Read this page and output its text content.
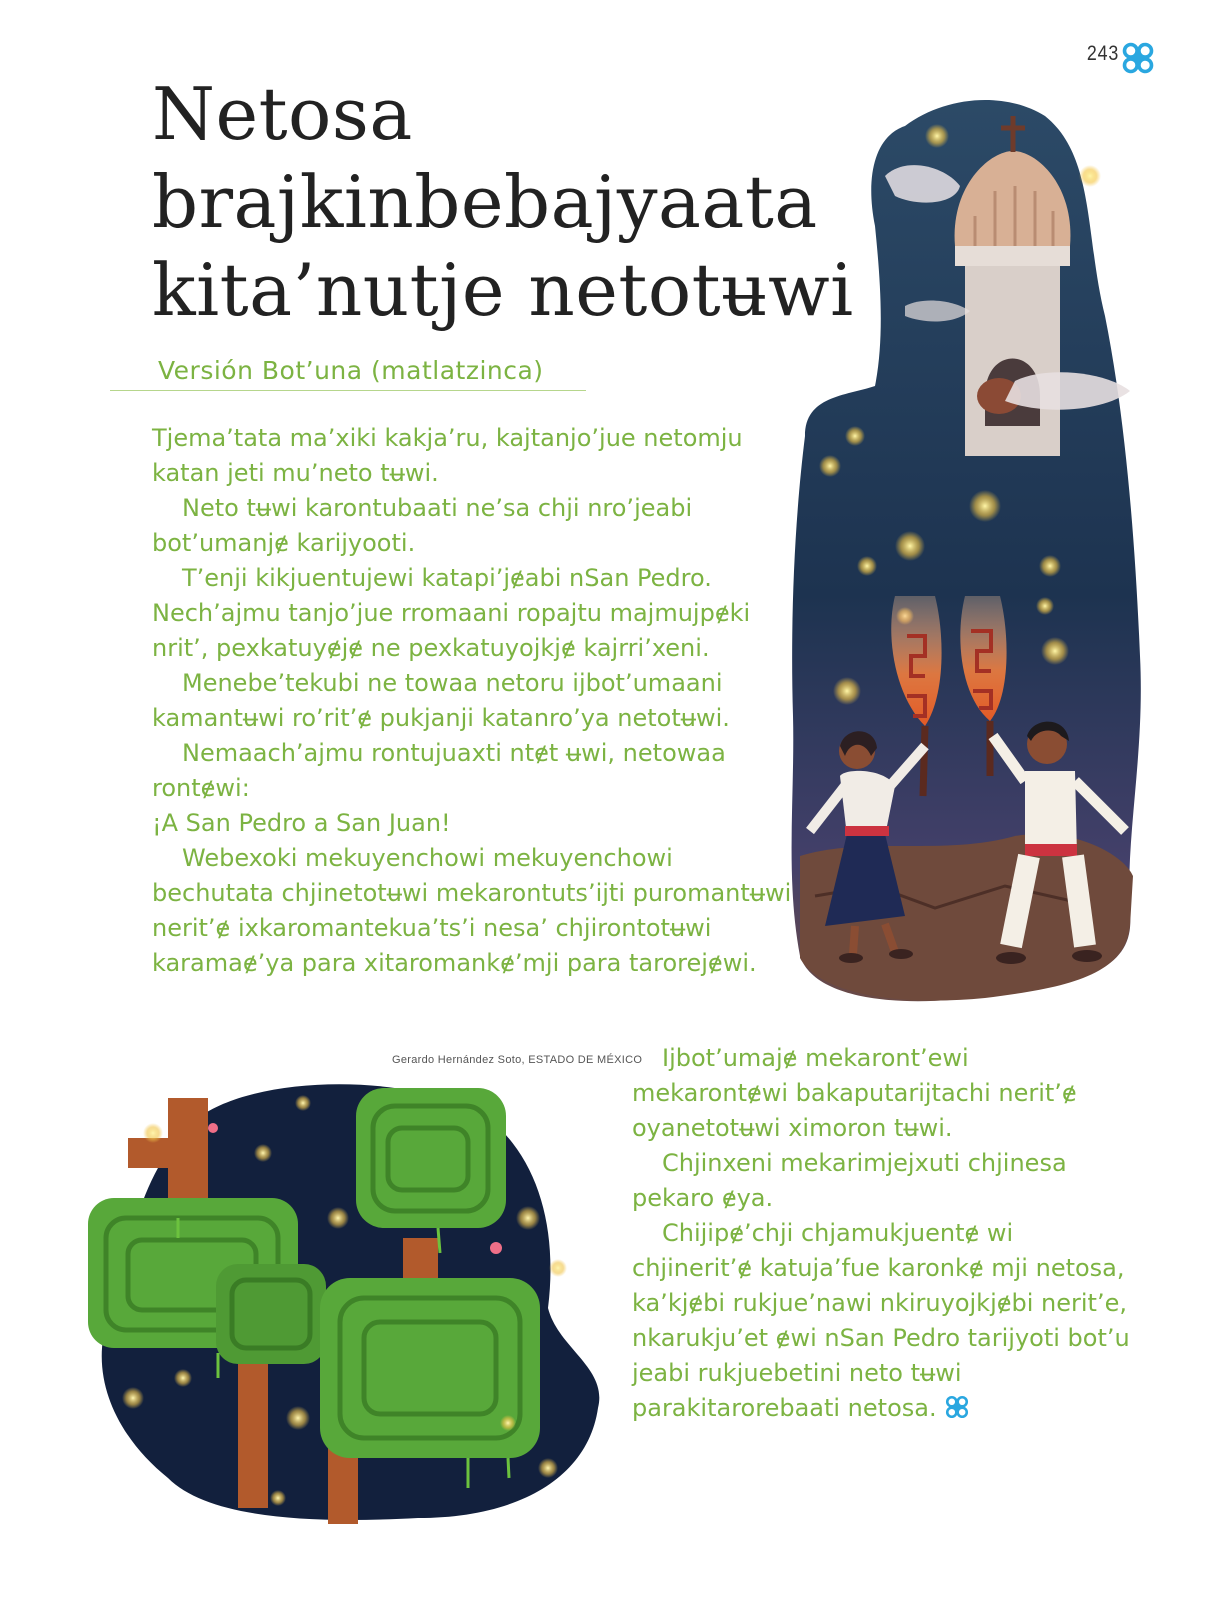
243
Netosa
brajkinbebajyaata
kita’nutje netotʉwi
Versión Bot’una (matlatzinca)

Tjema’tata ma’xiki kakja’ru, kajtanjo’jue netomju katan jeti mu’neto tʉwi.

Neto tʉwi karontubaati ne’sa chji nro’jeabi bot’umanjɇ karijyooti.

T’enji kikjuentujewi katapi’jɇabi nSan Pedro. Nech’ajmu tanjo’jue rromaani ropajtu majmujpɇki nrit’, pexkatuyɇjɇ ne pexkatuyojkjɇ kajrri’xeni.

Menebe’tekubi ne towaa netoru ijbot’umaani kamantʉwi ro’rit’ɇ pukjanji katanro’ya netotʉwi.

Nemaach’ajmu rontujuaxti ntɇt ʉwi, netowaa rontɇwi:

¡A San Pedro a San Juan!

Webexoki mekuyenchowi mekuyenchowi bechutata chjinetotʉwi mekarontuts’ijti puromantʉwi nerit’ɇ ixkaromantekua’ts’i nesa’ chjirontotʉwi karamaɇ’ya para xitaromankɇ’mji para tarorejɇwi.

Gerardo Hernández Soto, ESTADO DE MÉXICO Ijbot’umajɇ mekaront’ewi mekarontɇwi bakaputarijtachi nerit’ɇ oyanetotʉwi ximoron tʉwi.

Chjinxeni mekarimjejxuti chjinesa pekaro ɇya.

Chijipɇ’chji chjamukjuentɇ wi chjinerit’ɇ katuja’fue karonkɇ mji netosa, ka’kjɇbi rukjue’nawi nkiruyojkjɇbi nerit’e, nkarukju’et ɇwi nSan Pedro tarijyoti bot’u jeabi rukjuebetini neto tʉwi parakitarorebaati netosa.
